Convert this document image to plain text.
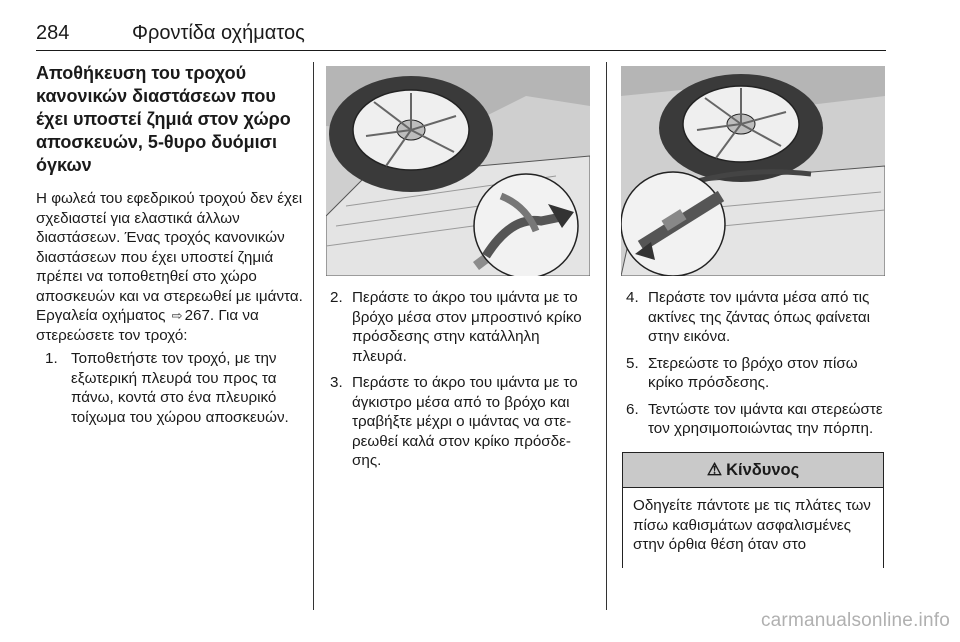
284	Φροντίδα οχήματος
Αποθήκευση του τροχού κανονικών διαστάσεων που έχει υποστεί ζημιά στον χώρο αποσκευών, 5-θυρο δυόμισι όγκων

Η φωλεά του εφεδρικού τροχού δεν έχει σχεδιαστεί για ελαστικά άλλων διαστάσεων. Ένας τροχός κανονικών διαστάσεων που έχει υποστεί ζημιά πρέπει να τοποθετηθεί στο χώρο αποσκευών και να στερεωθεί με ιμάντα. Εργαλεία οχήματος ⇨ 267. Για να στερεώσετε τον τροχό:

1. Τοποθετήστε τον τροχό, με την εξωτερική πλευρά του προς τα πάνω, κοντά στο ένα πλευρικό τοίχωμα του χώρου αποσκευών.
2. Περάστε το άκρο του ιμάντα με το βρόχο μέσα στον μπροστινό κρίκο πρόσδεσης στην κατάλληλη πλευρά.
3. Περάστε το άκρο του ιμάντα με το άγκιστρο μέσα από το βρόχο και τραβήξτε μέχρι ο ιμάντας να στερεωθεί καλά στον κρίκο πρόσδεσης.
4. Περάστε τον ιμάντα μέσα από τις ακτίνες της ζάντας όπως φαίνεται στην εικόνα.
5. Στερεώστε το βρόχο στον πίσω κρίκο πρόσδεσης.
6. Τεντώστε τον ιμάντα και στερεώστε τον χρησιμοποιώντας την πόρπη.
⚠ Κίνδυνος
Οδηγείτε πάντοτε με τις πλάτες των πίσω καθισμάτων ασφαλισμένες στην όρθια θέση όταν στο
carmanualsonline.info
